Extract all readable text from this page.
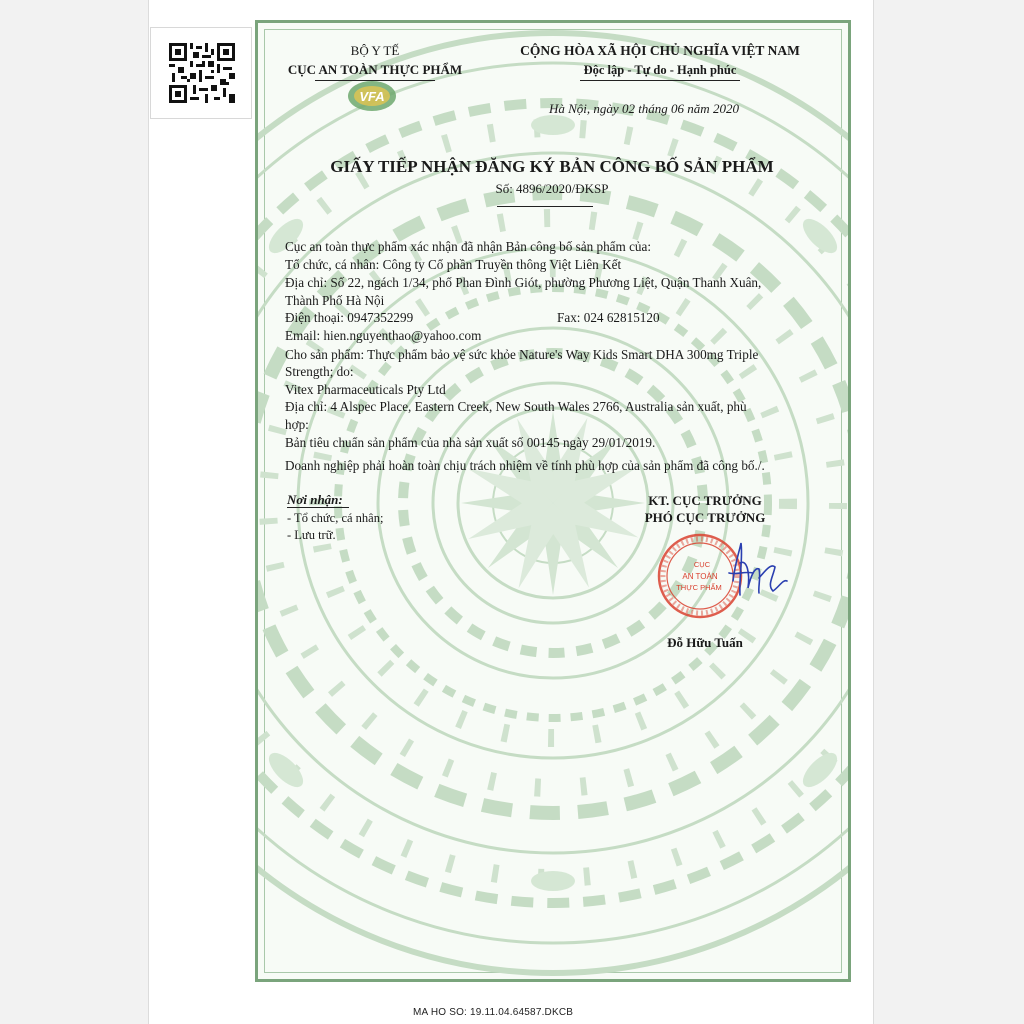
BỘ Y TẾ
CỤC AN TOÀN THỰC PHẨM
VFA
CỘNG HÒA XÃ HỘI CHỦ NGHĨA VIỆT NAM
Độc lập - Tự do - Hạnh phúc
Hà Nội, ngày 02 tháng 06 năm 2020
GIẤY TIẾP NHẬN ĐĂNG KÝ BẢN CÔNG BỐ SẢN PHẨM
Số: 4896/2020/ĐKSP
Cục an toàn thực phẩm xác nhận đã nhận Bản công bố sản phẩm của:
Tổ chức, cá nhân: Công ty Cổ phần Truyền thông Việt Liên Kết
Địa chỉ: Số 22, ngách 1/34, phố Phan Đình Giót, phường Phương Liệt, Quận Thanh Xuân,
Thành Phố Hà Nội
Điện thoại: 0947352299	Fax: 024 62815120
Email: hien.nguyenthao@yahoo.com
Cho sản phẩm: Thực phẩm bảo vệ sức khỏe Nature's Way Kids Smart DHA 300mg Triple
Strength; do:
Vitex Pharmaceuticals Pty Ltd
Địa chỉ: 4 Alspec Place, Eastern Creek, New South Wales 2766, Australia sản xuất, phù
hợp:
Bản tiêu chuẩn sản phẩm của nhà sản xuất số 00145 ngày 29/01/2019.
Doanh nghiệp phải hoàn toàn chịu trách nhiệm về tính phù hợp của sản phẩm đã công bố./.
Nơi nhận:
- Tổ chức, cá nhân;
- Lưu trữ.
KT. CỤC TRƯỞNG
PHÓ CỤC TRƯỞNG
CỤC
AN TOÀN
THỰC PHẨM
Đỗ Hữu Tuấn
MA HO SO: 19.11.04.64587.DKCB
